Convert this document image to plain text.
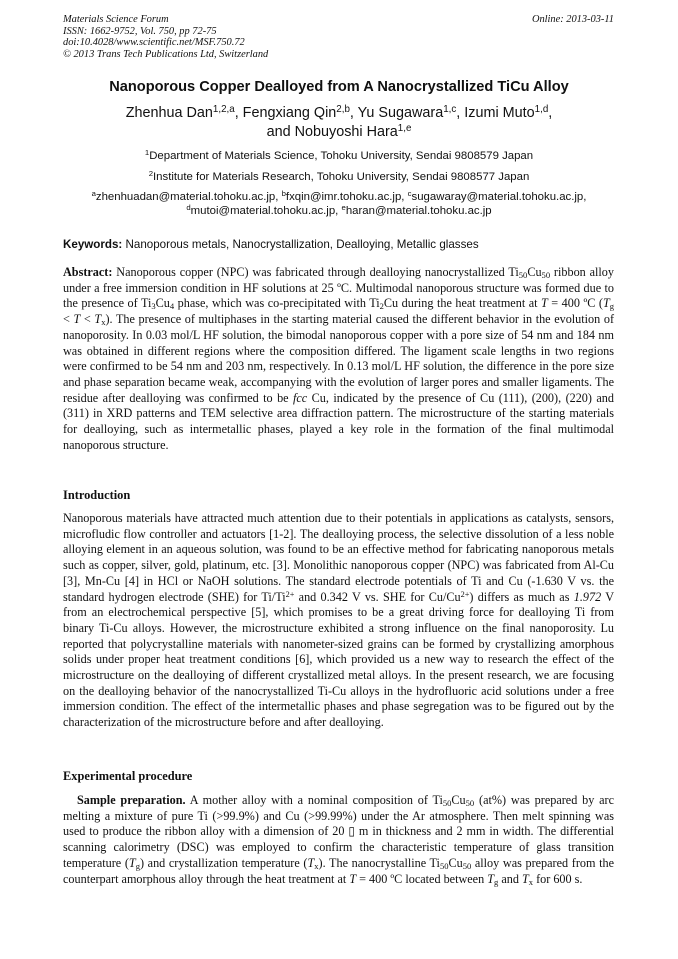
Materials Science Forum
ISSN: 1662-9752, Vol. 750, pp 72-75
doi:10.4028/www.scientific.net/MSF.750.72
© 2013 Trans Tech Publications Ltd, Switzerland
Online: 2013-03-11
Nanoporous Copper Dealloyed from A Nanocrystallized TiCu Alloy
Zhenhua Dan$^{1,2,a}$, Fengxiang Qin$^{2,b}$, Yu Sugawara$^{1,c}$, Izumi Muto$^{1,d}$,
and Nobuyoshi Hara$^{1,e}$
$^1$Department of Materials Science, Tohoku University, Sendai 9808579 Japan
$^2$Institute for Materials Research, Tohoku University, Sendai 9808577 Japan
$^a$zhenhuadan@material.tohoku.ac.jp, $^b$fxqin@imr.tohoku.ac.jp, $^c$sugawaray@material.tohoku.ac.jp,
$^d$mutoi@material.tohoku.ac.jp, $^e$haran@material.tohoku.ac.jp
Keywords: Nanoporous metals, Nanocrystallization, Dealloying, Metallic glasses
Abstract: Nanoporous copper (NPC) was fabricated through dealloying nanocrystallized $Ti_{50}Cu_{50}$ ribbon alloy under a free immersion condition in HF solutions at 25 ºC. Multimodal nanoporous structure was formed due to the presence of $Ti_3Cu_4$ phase, which was co-precipitated with $Ti_2Cu$ during the heat treatment at T = 400 ºC $(T_g < T < T_x)$. The presence of multiphases in the starting material caused the different behavior in the evolution of nanoporosity. In 0.03 mol/L HF solution, the bimodal nanoporous copper with a pore size of 54 nm and 184 nm was obtained in different regions where the composition differed. The ligament scale lengths in two regions were confirmed to be 54 nm and 203 nm, respectively. In 0.13 mol/L HF solution, the difference in the pore size and phase separation became weak, accompanying with the evolution of larger pores and smaller ligaments. The residue after dealloying was confirmed to be fcc Cu, indicated by the presence of Cu (111), (200), (220) and (311) in XRD patterns and TEM selective area diffraction pattern. The microstructure of the starting materials for dealloying, such as intermetallic phases, played a key role in the formation of the final multimodal nanoporous structure.
Introduction
Nanoporous materials have attracted much attention due to their potentials in applications as catalysts, sensors, microfludic flow controller and actuators [1-2]. The dealloying process, the selective dissolution of a less noble alloying element in an aqueous solution, was found to be an effective method for fabricating nanoporous metals such as copper, silver, gold, platinum, etc. [3]. Monolithic nanoporous copper (NPC) was fabricated from Al-Cu [3], Mn-Cu [4] in HCl or NaOH solutions. The standard electrode potentials of Ti and Cu (-1.630 V vs. the standard hydrogen electrode (SHE) for $Ti/Ti^{2+}$ and 0.342 V vs. SHE for $Cu/Cu^{2+}$) differs as much as 1.972 V from an electrochemical perspective [5], which promises to be a great driving force for dealloying Ti from binary Ti-Cu alloys. However, the microstructure exhibited a strong influence on the final nanoporosity. Lu reported that polycrystalline materials with nanometer-sized grains can be formed by crystallizing amorphous solids under proper heat treatment conditions [6], which provided us a new way to research the effect of the microstructure on the dealloying of different crystallized metal alloys. In the present research, we are focusing on the dealloying behavior of the nanocrystallized Ti-Cu alloys in the hydrofluoric acid solutions under a free immersion condition. The effect of the intermetallic phases and phase segregation was to be figured out by the characterization of the microstructure before and after dealloying.
Experimental procedure
Sample preparation. A mother alloy with a nominal composition of $Ti_{50}Cu_{50}$ (at%) was prepared by arc melting a mixture of pure Ti (>99.9%) and Cu (>99.99%) under the Ar atmosphere. Then melt spinning was used to produce the ribbon alloy with a dimension of 20 ▯ m in thickness and 2 mm in width. The differential scanning calorimetry (DSC) was employed to confirm the characteristic temperature of glass transition temperature $(T_g)$ and crystallization temperature $(T_x)$. The nanocrystalline $Ti_{50}Cu_{50}$ alloy was prepared from the counterpart amorphous alloy through the heat treatment at T = 400 ºC located between $T_g$ and $T_x$ for 600 s.
